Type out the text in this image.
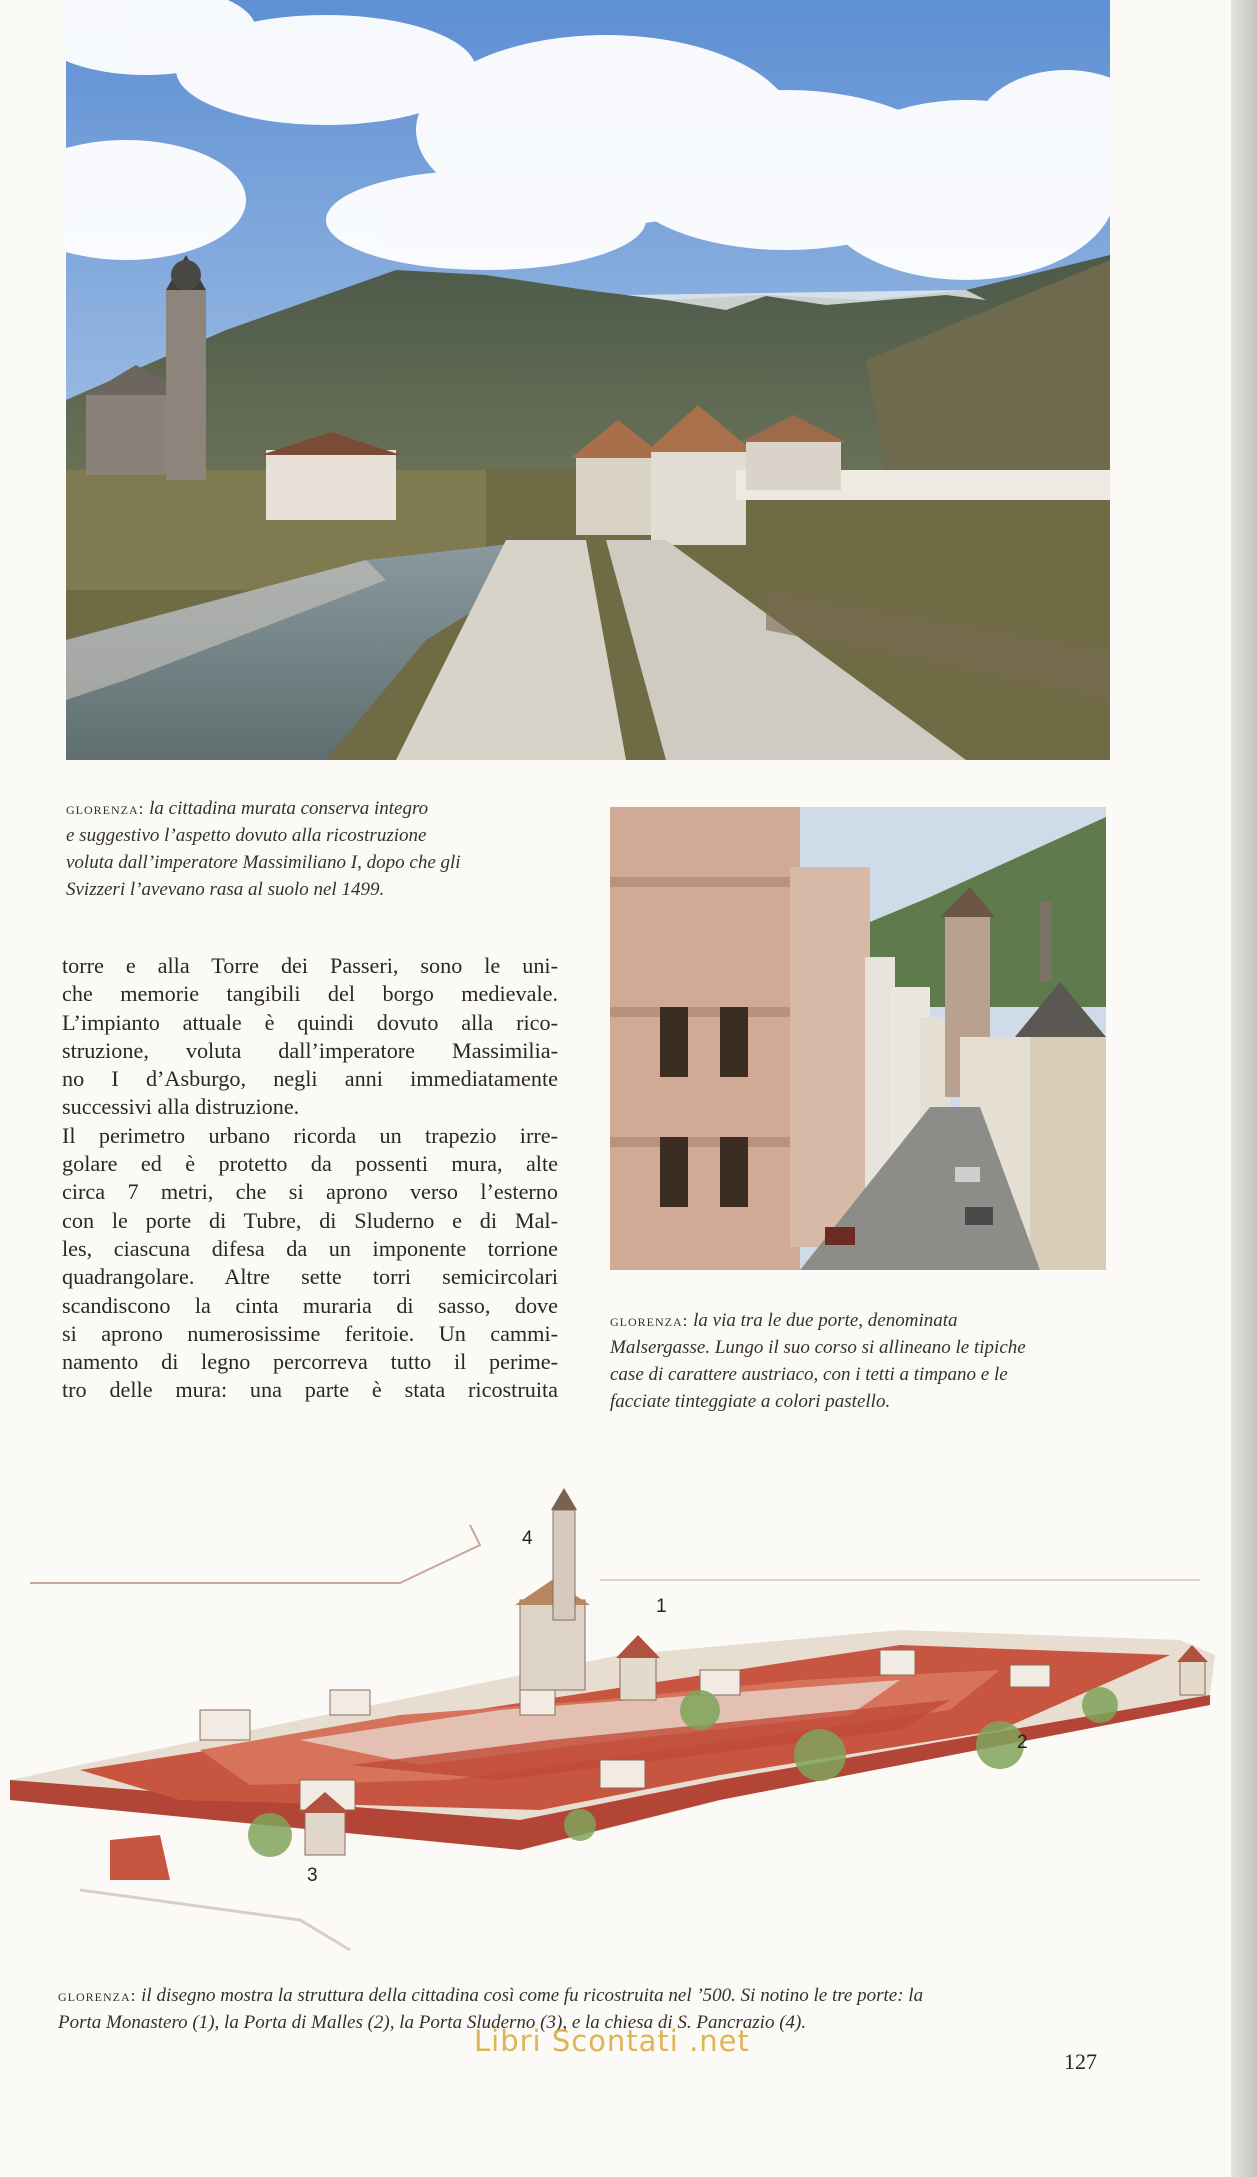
glorenza: la cittadina murata conserva integro
e suggestivo l’aspetto dovuto alla ricostruzione
voluta dall’imperatore Massimiliano I, dopo che gli
Svizzeri l’avevano rasa al suolo nel 1499.
torre e alla Torre dei Passeri, sono le uni-
che memorie tangibili del borgo medievale.
L’impianto attuale è quindi dovuto alla rico-
struzione, voluta dall’imperatore Massimilia-
no I d’Asburgo, negli anni immediatamente
successivi alla distruzione.
Il perimetro urbano ricorda un trapezio irre-
golare ed è protetto da possenti mura, alte
circa 7 metri, che si aprono verso l’esterno
con le porte di Tubre, di Sluderno e di Mal-
les, ciascuna difesa da un imponente torrione
quadrangolare. Altre sette torri semicircolari
scandiscono la cinta muraria di sasso, dove
si aprono numerosissime feritoie. Un cammi-
namento di legno percorreva tutto il perime-
tro delle mura: una parte è stata ricostruita
glorenza: la via tra le due porte, denominata
Malsergasse. Lungo il suo corso si allineano le tipiche
case di carattere austriaco, con i tetti a timpano e le
facciate tinteggiate a colori pastello.
1
2
3
4
glorenza: il disegno mostra la struttura della cittadina così come fu ricostruita nel ’500. Si notino le tre porte: la
Porta Monastero (1), la Porta di Malles (2), la Porta Sluderno (3), e la chiesa di S. Pancrazio (4).
Libri Scontati .net
127
